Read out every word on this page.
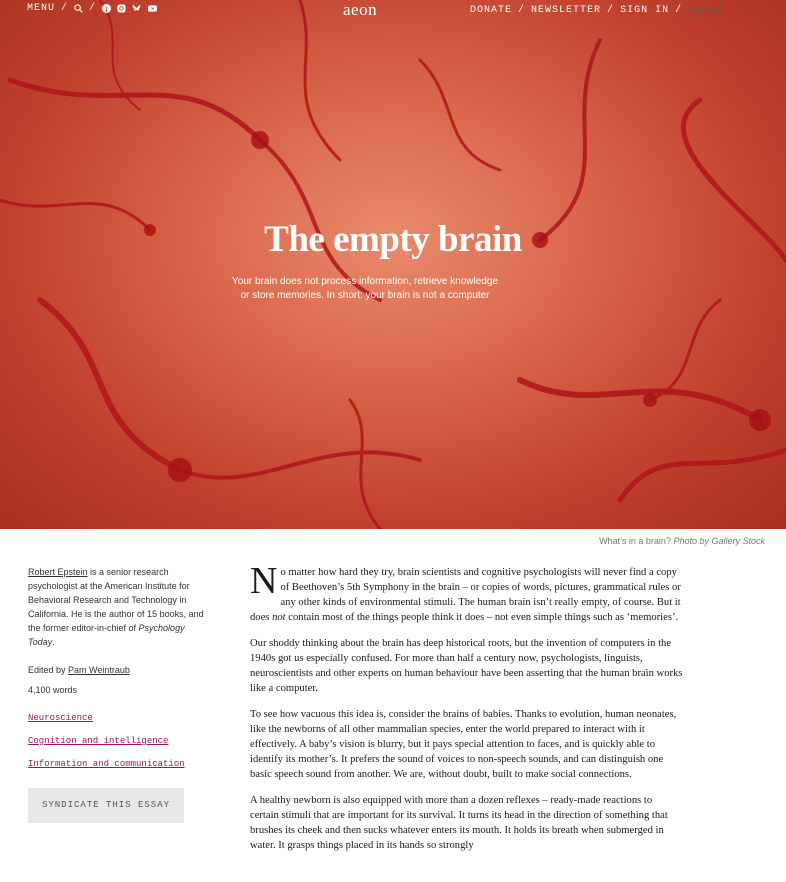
MENU / /	aeon	DONATE / NEWSLETTER / SIGN IN / psyche
The empty brain

Your brain does not process information, retrieve knowledge or store memories. In short: your brain is not a computer

What’s in a brain? Photo by Gallery Stock
Robert Epstein is a senior research psychologist at the American Institute for Behavioral Research and Technology in California. He is the author of 15 books, and the former editor-in-chief of Psychology Today.
Edited by Pam Weintraub
4,100 words
Neuroscience
Cognition and intelligence
Information and communication
SYNDICATE THIS ESSAY

No matter how hard they try, brain scientists and cognitive psychologists will never find a copy of Beethoven’s 5th Symphony in the brain – or copies of words, pictures, grammatical rules or any other kinds of environmental stimuli. The human brain isn’t really empty, of course. But it does not contain most of the things people think it does – not even simple things such as ‘memories’.

Our shoddy thinking about the brain has deep historical roots, but the invention of computers in the 1940s got us especially confused. For more than half a century now, psychologists, linguists, neuroscientists and other experts on human behaviour have been asserting that the human brain works like a computer.

To see how vacuous this idea is, consider the brains of babies. Thanks to evolution, human neonates, like the newborns of all other mammalian species, enter the world prepared to interact with it effectively. A baby’s vision is blurry, but it pays special attention to faces, and is quickly able to identify its mother’s. It prefers the sound of voices to non-speech sounds, and can distinguish one basic speech sound from another. We are, without doubt, built to make social connections.

A healthy newborn is also equipped with more than a dozen reflexes – ready-made reactions to certain stimuli that are important for its survival. It turns its head in the direction of something that brushes its cheek and then sucks whatever enters its mouth. It holds its breath when submerged in water. It grasps things placed in its hands so strongly
